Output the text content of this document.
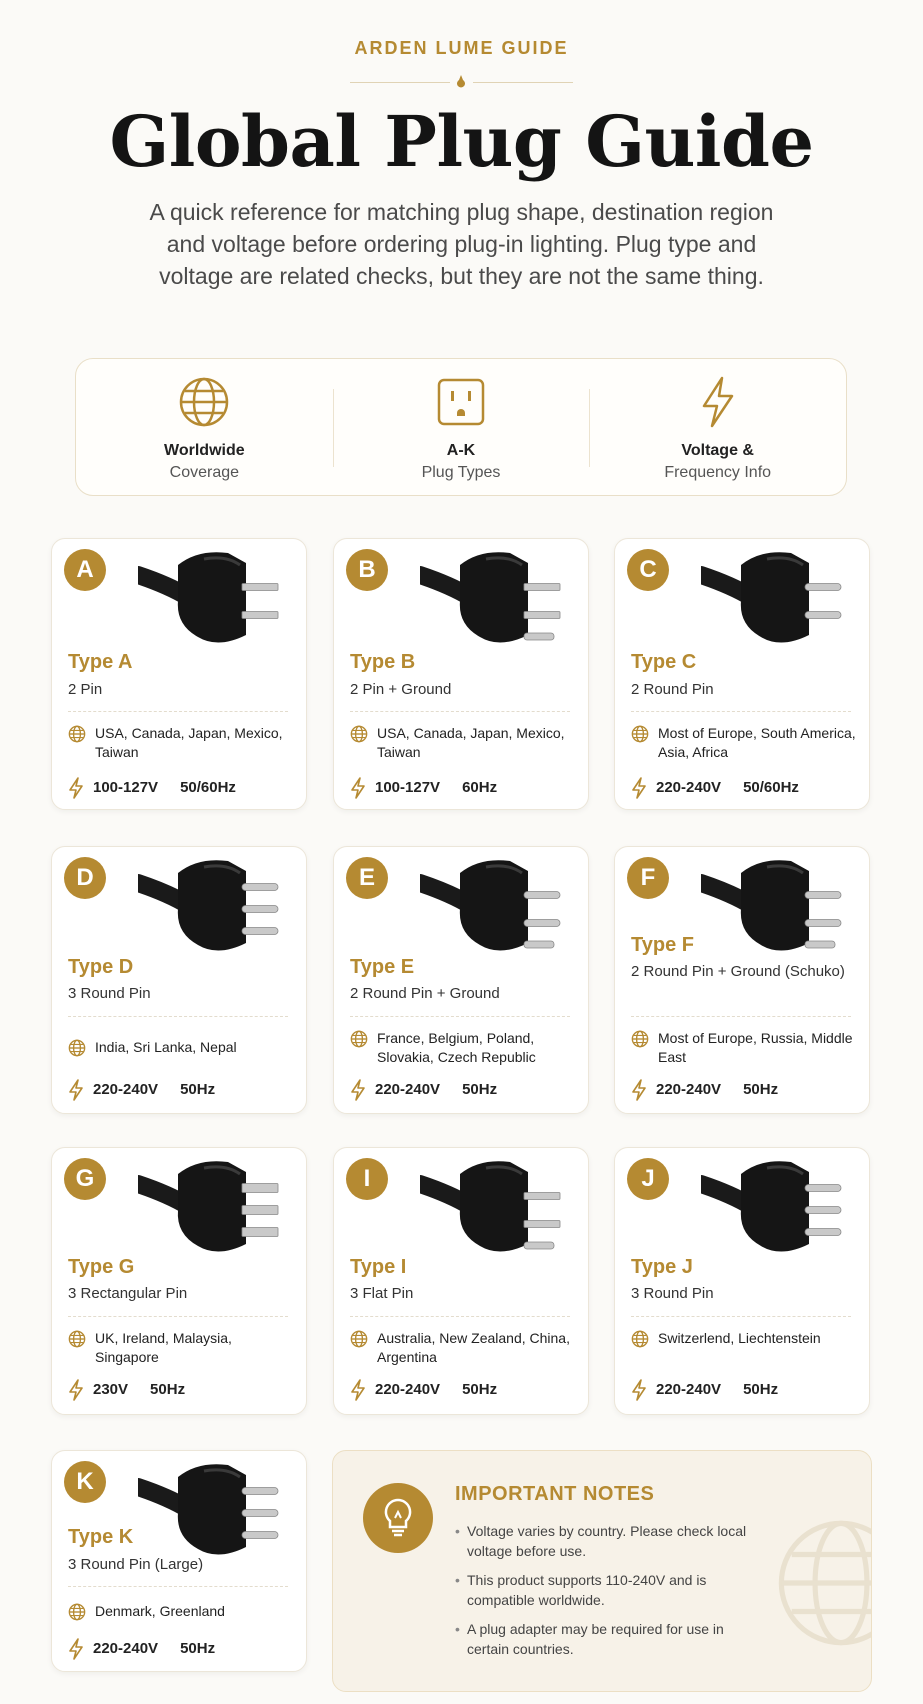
ARDEN LUME GUIDE
Global Plug Guide

A quick reference for matching plug shape, destination region and voltage before ordering plug-in lighting. Plug type and voltage are related checks, but they are not the same thing.

Worldwide
Coverage
A-K
Plug Types
Voltage &
Frequency Info
A
Type A
2 Pin
USA, Canada, Japan, Mexico, Taiwan
100-127V 50/60Hz
B
Type B
2 Pin + Ground
USA, Canada, Japan, Mexico, Taiwan
100-127V 60Hz
C
Type C
2 Round Pin
Most of Europe, South America, Asia, Africa
220-240V 50/60Hz
D
Type D
3 Round Pin
India, Sri Lanka, Nepal
220-240V 50Hz
E
Type E
2 Round Pin + Ground
France, Belgium, Poland, Slovakia, Czech Republic
220-240V 50Hz
F
Type F
2 Round Pin + Ground (Schuko)
Most of Europe, Russia, Middle East
220-240V 50Hz
G
Type G
3 Rectangular Pin
UK, Ireland, Malaysia, Singapore
230V 50Hz
I
Type I
3 Flat Pin
Australia, New Zealand, China, Argentina
220-240V 50Hz
J
Type J
3 Round Pin
Switzerlend, Liechtenstein
220-240V 50Hz
K
Type K
3 Round Pin (Large)
Denmark, Greenland
220-240V 50Hz
IMPORTANT NOTES
• Voltage varies by country. Please check local voltage before use.
• This product supports 110-240V and is compatible worldwide.
• A plug adapter may be required for use in certain countries.
